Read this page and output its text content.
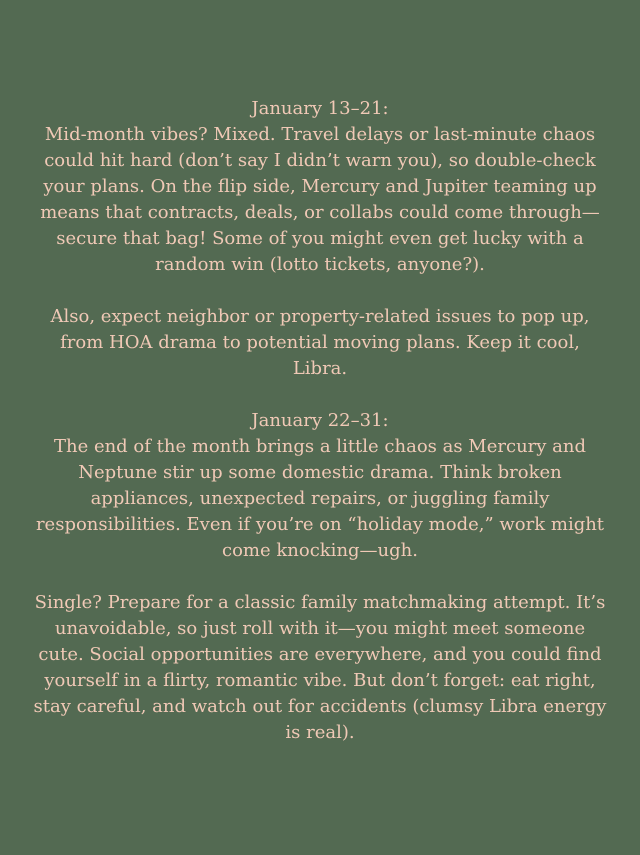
January 13–21:

Mid-month vibes? Mixed. Travel delays or last-minute chaos could hit hard (don’t say I didn’t warn you), so double-check your plans. On the flip side, Mercury and Jupiter teaming up means that contracts, deals, or collabs could come through—secure that bag! Some of you might even get lucky with a random win (lotto tickets, anyone?).

Also, expect neighbor or property-related issues to pop up, from HOA drama to potential moving plans. Keep it cool, Libra.

January 22–31:

The end of the month brings a little chaos as Mercury and Neptune stir up some domestic drama. Think broken appliances, unexpected repairs, or juggling family responsibilities. Even if you’re on “holiday mode,” work might come knocking—ugh.

Single? Prepare for a classic family matchmaking attempt. It’s unavoidable, so just roll with it—you might meet someone cute. Social opportunities are everywhere, and you could find yourself in a flirty, romantic vibe. But don’t forget: eat right, stay careful, and watch out for accidents (clumsy Libra energy is real).
